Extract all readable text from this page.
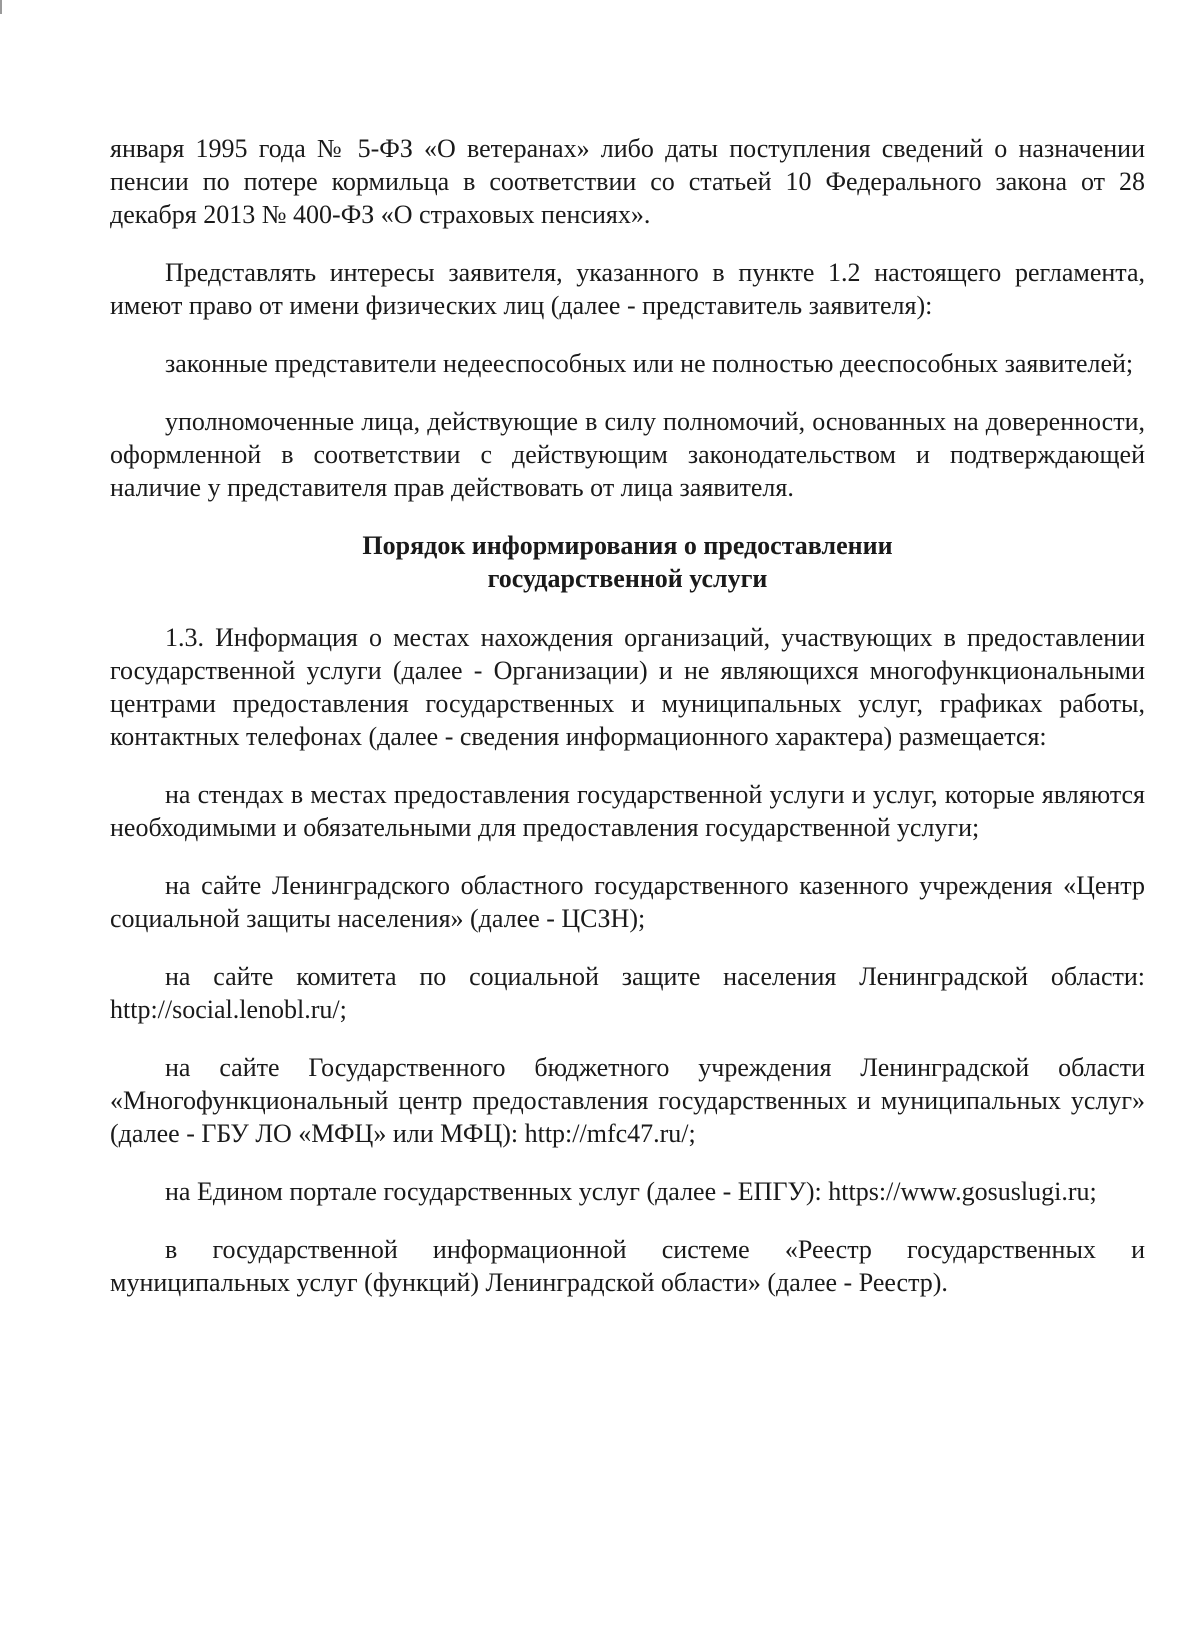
января 1995 года № 5-ФЗ «О ветеранах» либо даты поступления сведений о назначении пенсии по потере кормильца в соответствии со статьей 10 Федерального закона от 28 декабря 2013 № 400-ФЗ «О страховых пенсиях».

Представлять интересы заявителя, указанного в пункте 1.2 настоящего регламента, имеют право от имени физических лиц (далее - представитель заявителя):

законные представители недееспособных или не полностью дееспособных заявителей;

уполномоченные лица, действующие в силу полномочий, основанных на доверенности, оформленной в соответствии с действующим законодательством и подтверждающей наличие у представителя прав действовать от лица заявителя.

Порядок информирования о предоставлении
государственной услуги

1.3. Информация о местах нахождения организаций, участвующих в предоставлении государственной услуги (далее - Организации) и не являющихся многофункциональными центрами предоставления государственных и муниципальных услуг, графиках работы, контактных телефонах (далее - сведения информационного характера) размещается:

на стендах в местах предоставления государственной услуги и услуг, которые являются необходимыми и обязательными для предоставления государственной услуги;

на сайте Ленинградского областного государственного казенного учреждения «Центр социальной защиты населения» (далее - ЦСЗН);

на сайте комитета по социальной защите населения Ленинградской области: http://social.lenobl.ru/;

на сайте Государственного бюджетного учреждения Ленинградской области «Многофункциональный центр предоставления государственных и муниципальных услуг» (далее - ГБУ ЛО «МФЦ» или МФЦ): http://mfc47.ru/;

на Едином портале государственных услуг (далее - ЕПГУ): https://www.gosuslugi.ru;

в государственной информационной системе «Реестр государственных и муниципальных услуг (функций) Ленинградской области» (далее - Реестр).
